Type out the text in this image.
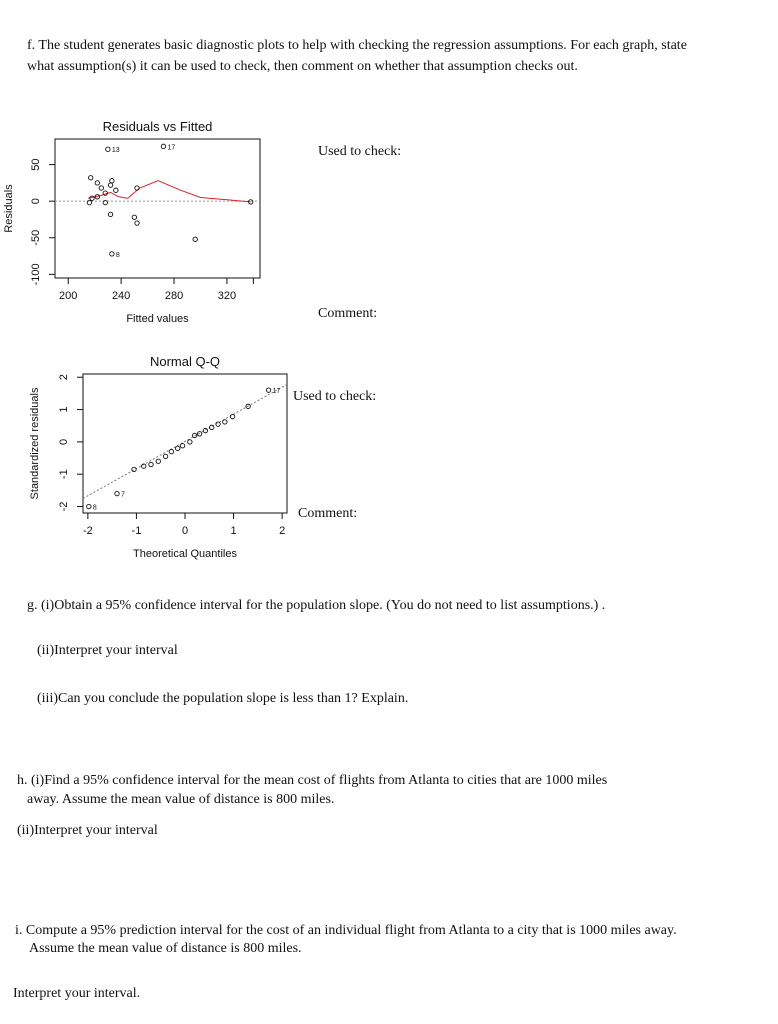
f. The student generates basic diagnostic plots to help with checking the regression assumptions. For each graph, state
what assumption(s) it can be used to check, then comment on whether that assumption checks out.
Residuals vs Fitted
200	240	280	320
-100
-50
0
50
Fitted values
Residuals
13	17
8
Used to check:
Comment:
Normal Q-Q
-2	-1	0	1	2
-2
-1
0
1
2
Theoretical Quantiles
Standardized residuals
8
7
17 Used to check:
Comment:
g. (i)Obtain a 95% confidence interval for the population slope. (You do not need to list assumptions.) .
(ii)Interpret your interval
(iii)Can you conclude the population slope is less than 1? Explain.
h. (i)Find a 95% confidence interval for the mean cost of flights from Atlanta to cities that are 1000 miles
away. Assume the mean value of distance is 800 miles.
(ii)Interpret your interval
i. Compute a 95% prediction interval for the cost of an individual flight from Atlanta to a city that is 1000 miles away.
Assume the mean value of distance is 800 miles.
Interpret your interval.
